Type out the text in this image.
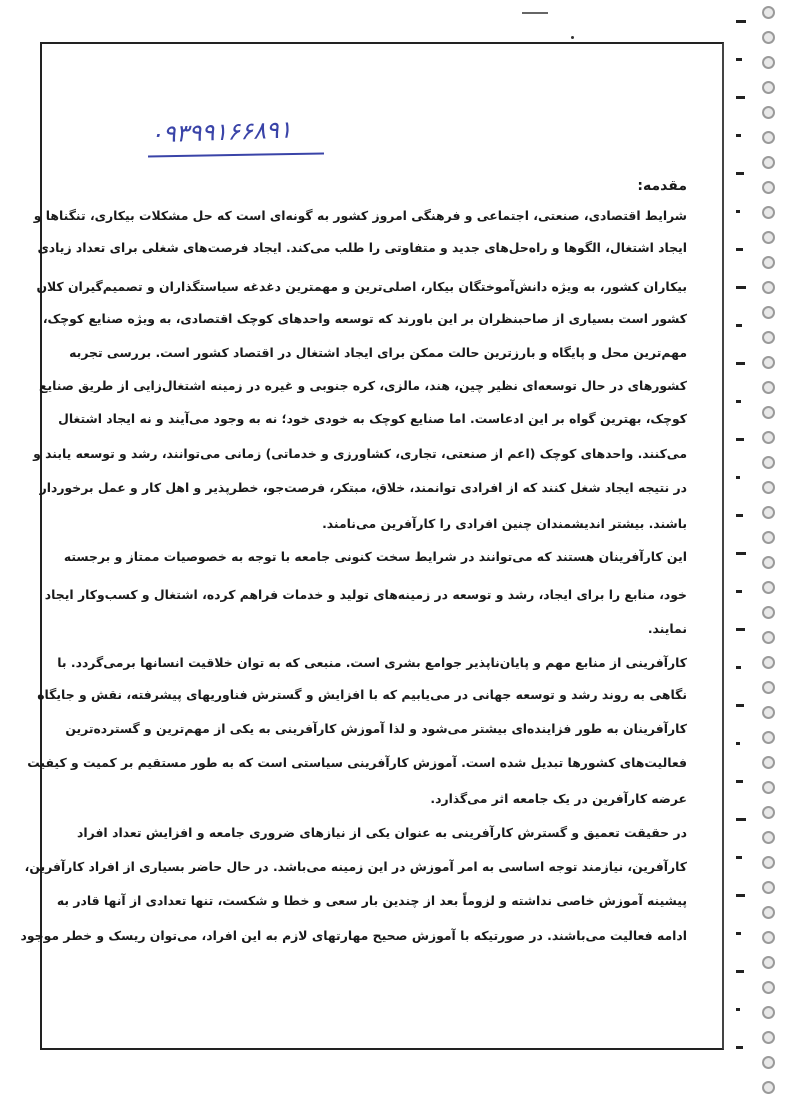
۰۹۳۹۹۱۶۶۸۹۱
مقدمه:
شرایط اقتصادی، صنعتی، اجتماعی و فرهنگی امروز کشور به گونه‌ای است که حل مشکلات بیکاری، تنگناها و
ایجاد اشتغال، الگوها و راه‌حل‌های جدید و متفاوتی را طلب می‌کند. ایجاد فرصت‌های شغلی برای تعداد زیادی
بیکاران کشور، به ویژه دانش‌آموختگان بیکار، اصلی‌ترین و مهمترین دغدغه سیاستگذاران و تصمیم‌گیران کلان
کشور است بسیاری از صاحبنظران بر این باورند که توسعه واحدهای کوچک اقتصادی، به ویژه صنایع کوچک،
مهم‌ترین محل و پایگاه و بارزترین حالت ممکن برای ایجاد اشتغال در اقتصاد کشور است. بررسی تجربه
کشورهای در حال توسعه‌ای نظیر چین، هند، مالزی، کره جنوبی و غیره در زمینه اشتغال‌زایی از طریق صنایع
کوچک، بهترین گواه بر این ادعاست. اما صنایع کوچک به خودی خود؛ نه به وجود می‌آیند و نه ایجاد اشتغال
می‌کنند. واحدهای کوچک (اعم از صنعتی، تجاری، کشاورزی و خدماتی) زمانی می‌توانند، رشد و توسعه یابند و
در نتیجه ایجاد شغل کنند که از افرادی توانمند، خلاق، مبتکر، فرصت‌جو، خطرپذیر و اهل کار و عمل برخوردار
باشند. بیشتر اندیشمندان چنین افرادی را کارآفرین می‌نامند.
این کارآفرینان هستند که می‌توانند در شرایط سخت کنونی جامعه با توجه به خصوصیات ممتاز و برجسته
خود، منابع را برای ایجاد، رشد و توسعه در زمینه‌های تولید و خدمات فراهم کرده، اشتغال و کسب‌وکار ایجاد
نمایند.
کارآفرینی از منابع مهم و پایان‌ناپذیر جوامع بشری است. منبعی که به توان خلاقیت انسانها برمی‌گردد. با
نگاهی به روند رشد و توسعه جهانی در می‌یابیم که با افزایش و گسترش فناوریهای پیشرفته، نقش و جایگاه
کارآفرینان به طور فزاینده‌ای بیشتر می‌شود و لذا آموزش کارآفرینی به یکی از مهم‌ترین و گسترده‌ترین
فعالیت‌های کشورها تبدیل شده است. آموزش کارآفرینی سیاستی است که به طور مستقیم بر کمیت و کیفیت
عرضه کارآفرین در یک جامعه اثر می‌گذارد.
در حقیقت تعمیق و گسترش کارآفرینی به عنوان یکی از نیازهای ضروری جامعه و افزایش تعداد افراد
کارآفرین، نیازمند توجه اساسی به امر آموزش در این زمینه می‌باشد. در حال حاضر بسیاری از افراد کارآفرین،
پیشینه آموزش خاصی نداشته و لزوماً بعد از چندین بار سعی و خطا و شکست، تنها تعدادی از آنها قادر به
ادامه فعالیت می‌باشند. در صورتیکه با آموزش صحیح مهارتهای لازم به این افراد، می‌توان ریسک و خطر موجود
